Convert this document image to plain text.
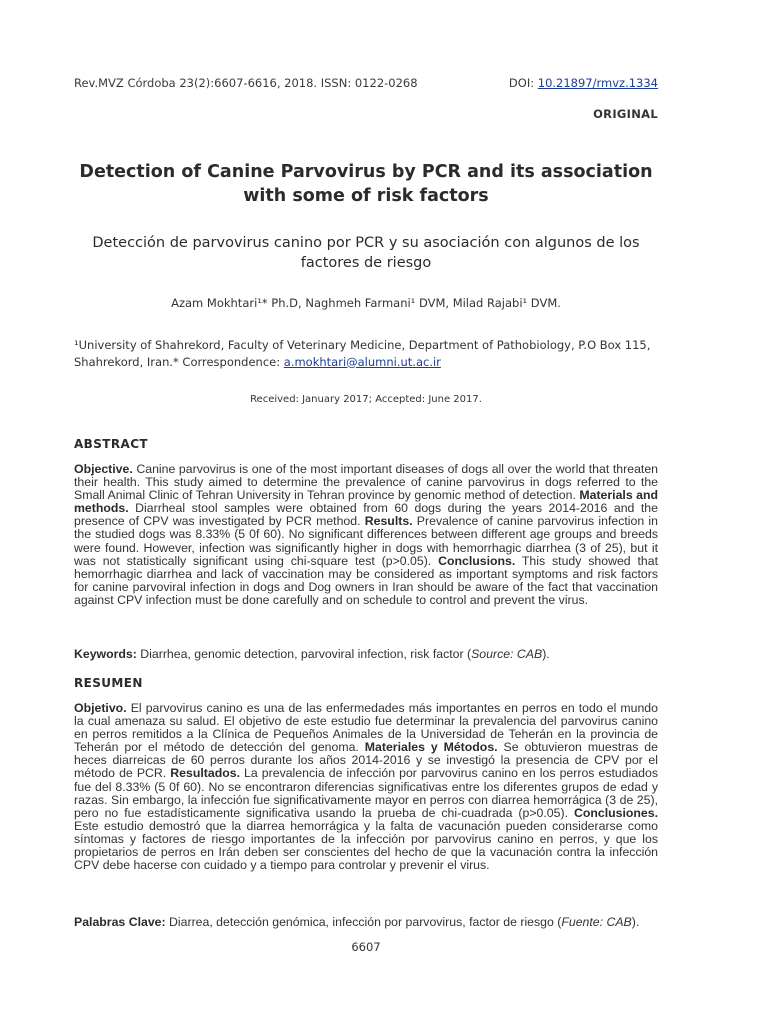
Rev.MVZ Córdoba 23(2):6607-6616, 2018. ISSN: 0122-0268	DOI: 10.21897/rmvz.1334
ORIGINAL
Detection of Canine Parvovirus by PCR and its association with some of risk factors
Detección de parvovirus canino por PCR y su asociación con algunos de los factores de riesgo
Azam Mokhtari¹* Ph.D, Naghmeh Farmani¹ DVM, Milad Rajabi¹ DVM.
¹University of Shahrekord, Faculty of Veterinary Medicine, Department of Pathobiology, P.O Box 115, Shahrekord, Iran.* Correspondence: a.mokhtari@alumni.ut.ac.ir
Received: January 2017; Accepted: June 2017.
ABSTRACT
Objective. Canine parvovirus is one of the most important diseases of dogs all over the world that threaten their health. This study aimed to determine the prevalence of canine parvovirus in dogs referred to the Small Animal Clinic of Tehran University in Tehran province by genomic method of detection. Materials and methods. Diarrheal stool samples were obtained from 60 dogs during the years 2014-2016 and the presence of CPV was investigated by PCR method. Results. Prevalence of canine parvovirus infection in the studied dogs was 8.33% (5 0f 60). No significant differences between different age groups and breeds were found. However, infection was significantly higher in dogs with hemorrhagic diarrhea (3 of 25), but it was not statistically significant using chi-square test (p>0.05). Conclusions. This study showed that hemorrhagic diarrhea and lack of vaccination may be considered as important symptoms and risk factors for canine parvoviral infection in dogs and Dog owners in Iran should be aware of the fact that vaccination against CPV infection must be done carefully and on schedule to control and prevent the virus.
Keywords: Diarrhea, genomic detection, parvoviral infection, risk factor (Source: CAB).
RESUMEN
Objetivo. El parvovirus canino es una de las enfermedades más importantes en perros en todo el mundo la cual amenaza su salud. El objetivo de este estudio fue determinar la prevalencia del parvovirus canino en perros remitidos a la Clínica de Pequeños Animales de la Universidad de Teherán en la provincia de Teherán por el método de detección del genoma. Materiales y Métodos. Se obtuvieron muestras de heces diarreicas de 60 perros durante los años 2014-2016 y se investigó la presencia de CPV por el método de PCR. Resultados. La prevalencia de infección por parvovirus canino en los perros estudiados fue del 8.33% (5 0f 60). No se encontraron diferencias significativas entre los diferentes grupos de edad y razas. Sin embargo, la infección fue significativamente mayor en perros con diarrea hemorrágica (3 de 25), pero no fue estadísticamente significativa usando la prueba de chi-cuadrada (p>0.05). Conclusiones. Este estudio demostró que la diarrea hemorrágica y la falta de vacunación pueden considerarse como síntomas y factores de riesgo importantes de la infección por parvovirus canino en perros, y que los propietarios de perros en Irán deben ser conscientes del hecho de que la vacunación contra la infección CPV debe hacerse con cuidado y a tiempo para controlar y prevenir el virus.
Palabras Clave: Diarrea, detección genómica, infección por parvovirus, factor de riesgo (Fuente: CAB).
6607
